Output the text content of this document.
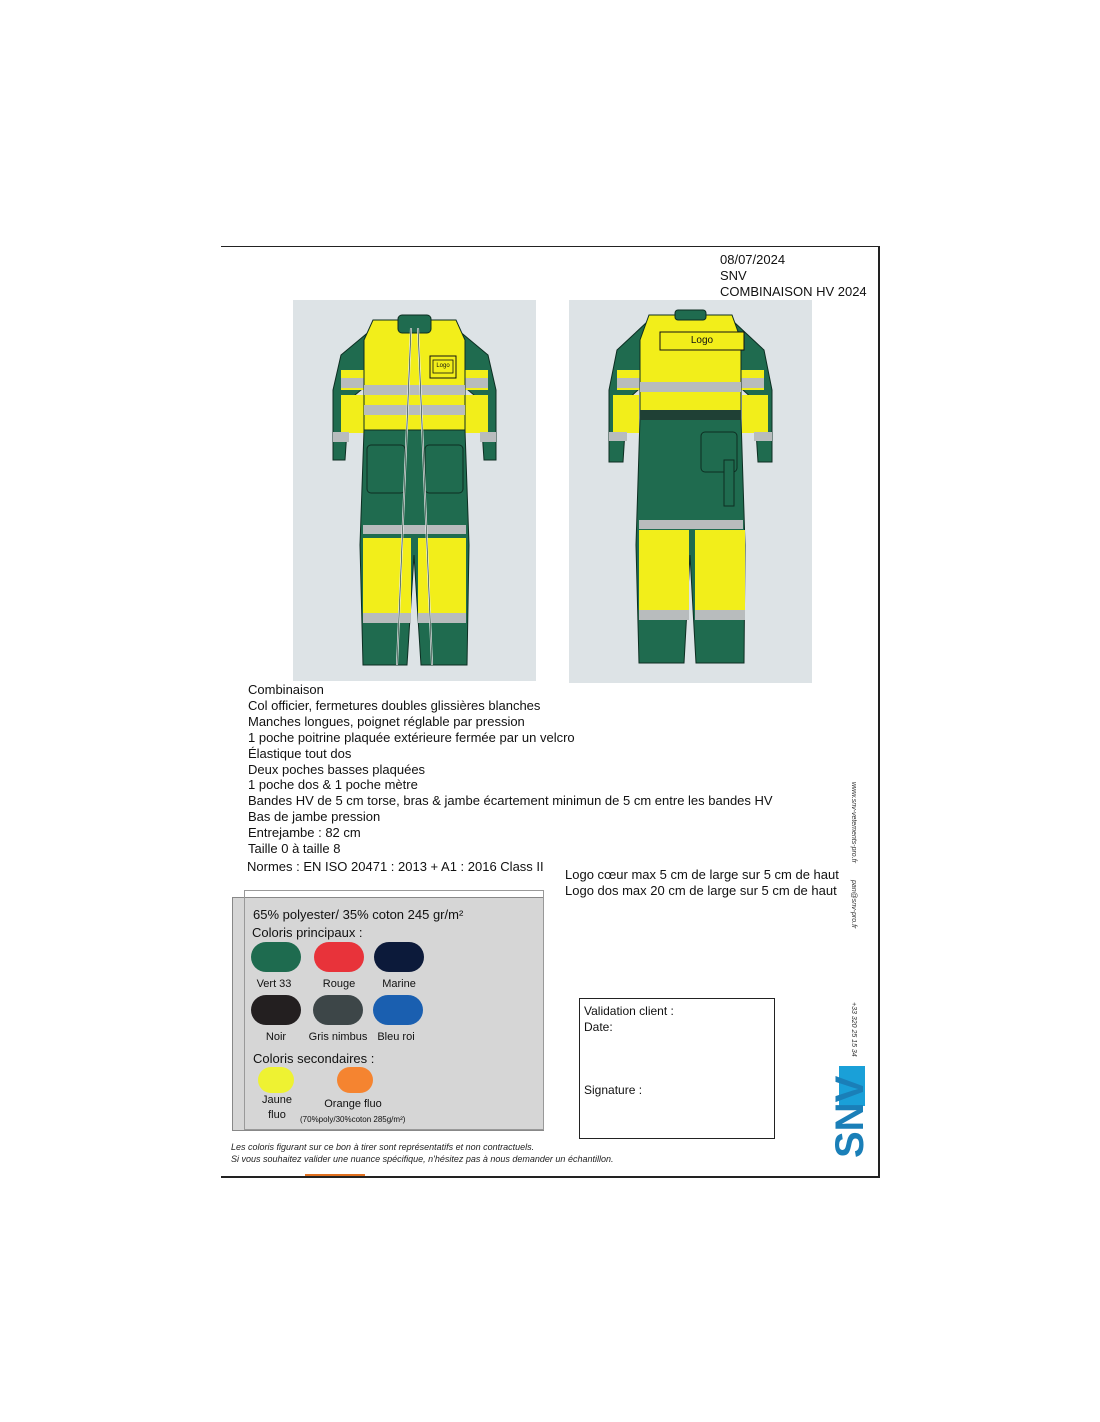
08/07/2024
SNV
COMBINAISON HV 2024
Logo
Logo
Combinaison
Col officier, fermetures doubles glissières blanches
Manches longues, poignet réglable par pression
1 poche poitrine plaquée extérieure fermée par un velcro
Élastique tout dos
Deux poches basses plaquées
1 poche dos & 1 poche mètre
Bandes HV de 5 cm torse, bras & jambe écartement minimun de 5 cm entre les bandes HV
Bas de jambe pression
Entrejambe : 82 cm
Taille 0 à taille 8
Normes : EN ISO 20471 : 2013 + A1 : 2016 Class II
Logo cœur max 5 cm de large sur 5 cm de haut
Logo dos max 20 cm de large sur 5 cm de haut
65% polyester/ 35% coton 245 gr/m²
Coloris principaux :
Vert 33	Rouge	Marine
Noir	Gris nimbus Bleu roi
Coloris secondaires :
Jaune fluo
Orange fluo
(70%poly/30%coton 285g/m²)
Validation client :
Date:
Signature :
www.snv-vetements-pro.fr
pan@snv-pro.fr
+33 320 25 15 34
SNV
Les coloris figurant sur ce bon à tirer sont représentatifs et non contractuels.
Si vous souhaitez valider une nuance spécifique, n'hésitez pas à nous demander un échantillon.
